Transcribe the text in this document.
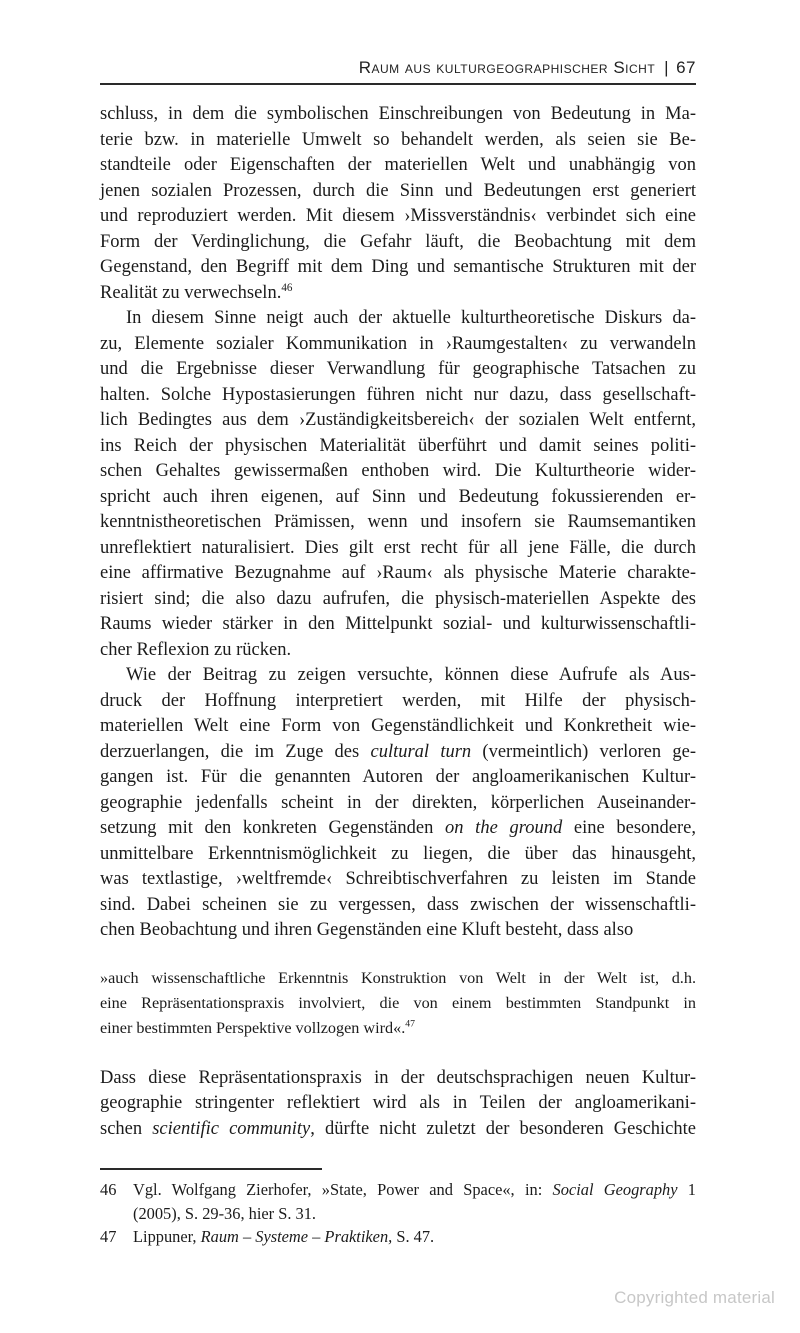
Raum aus kulturgeographischer Sicht | 67
schluss, in dem die symbolischen Einschreibungen von Bedeutung in Ma-
terie bzw. in materielle Umwelt so behandelt werden, als seien sie Be-
standteile oder Eigenschaften der materiellen Welt und unabhängig von
jenen sozialen Prozessen, durch die Sinn und Bedeutungen erst generiert
und reproduziert werden. Mit diesem ›Missverständnis‹ verbindet sich eine
Form der Verdinglichung, die Gefahr läuft, die Beobachtung mit dem
Gegenstand, den Begriff mit dem Ding und semantische Strukturen mit der
Realität zu verwechseln.$^{46}$
In diesem Sinne neigt auch der aktuelle kulturtheoretische Diskurs da-
zu, Elemente sozialer Kommunikation in ›Raumgestalten‹ zu verwandeln
und die Ergebnisse dieser Verwandlung für geographische Tatsachen zu
halten. Solche Hypostasierungen führen nicht nur dazu, dass gesellschaft-
lich Bedingtes aus dem ›Zuständigkeitsbereich‹ der sozialen Welt entfernt,
ins Reich der physischen Materialität überführt und damit seines politi-
schen Gehaltes gewissermaßen enthoben wird. Die Kulturtheorie wider-
spricht auch ihren eigenen, auf Sinn und Bedeutung fokussierenden er-
kenntnistheoretischen Prämissen, wenn und insofern sie Raumsemantiken
unreflektiert naturalisiert. Dies gilt erst recht für all jene Fälle, die durch
eine affirmative Bezugnahme auf ›Raum‹ als physische Materie charakte-
risiert sind; die also dazu aufrufen, die physisch-materiellen Aspekte des
Raums wieder stärker in den Mittelpunkt sozial- und kulturwissenschaftli-
cher Reflexion zu rücken.
Wie der Beitrag zu zeigen versuchte, können diese Aufrufe als Aus-
druck der Hoffnung interpretiert werden, mit Hilfe der physisch-
materiellen Welt eine Form von Gegenständlichkeit und Konkretheit wie-
derzuerlangen, die im Zuge des cultural turn (vermeintlich) verloren ge-
gangen ist. Für die genannten Autoren der angloamerikanischen Kultur-
geographie jedenfalls scheint in der direkten, körperlichen Auseinander-
setzung mit den konkreten Gegenständen on the ground eine besondere,
unmittelbare Erkenntnismöglichkeit zu liegen, die über das hinausgeht,
was textlastige, ›weltfremde‹ Schreibtischverfahren zu leisten im Stande
sind. Dabei scheinen sie zu vergessen, dass zwischen der wissenschaftli-
chen Beobachtung und ihren Gegenständen eine Kluft besteht, dass also
»auch wissenschaftliche Erkenntnis Konstruktion von Welt in der Welt ist, d.h.
eine Repräsentationspraxis involviert, die von einem bestimmten Standpunkt in
einer bestimmten Perspektive vollzogen wird«.$^{47}$
Dass diese Repräsentationspraxis in der deutschsprachigen neuen Kultur-
geographie stringenter reflektiert wird als in Teilen der angloamerikani-
schen scientific community, dürfte nicht zuletzt der besonderen Geschichte
46	Vgl. Wolfgang Zierhofer, »State, Power and Space«, in: Social Geography 1
(2005), S. 29-36, hier S. 31.
47	Lippuner, Raum – Systeme – Praktiken, S. 47.
Copyrighted material
